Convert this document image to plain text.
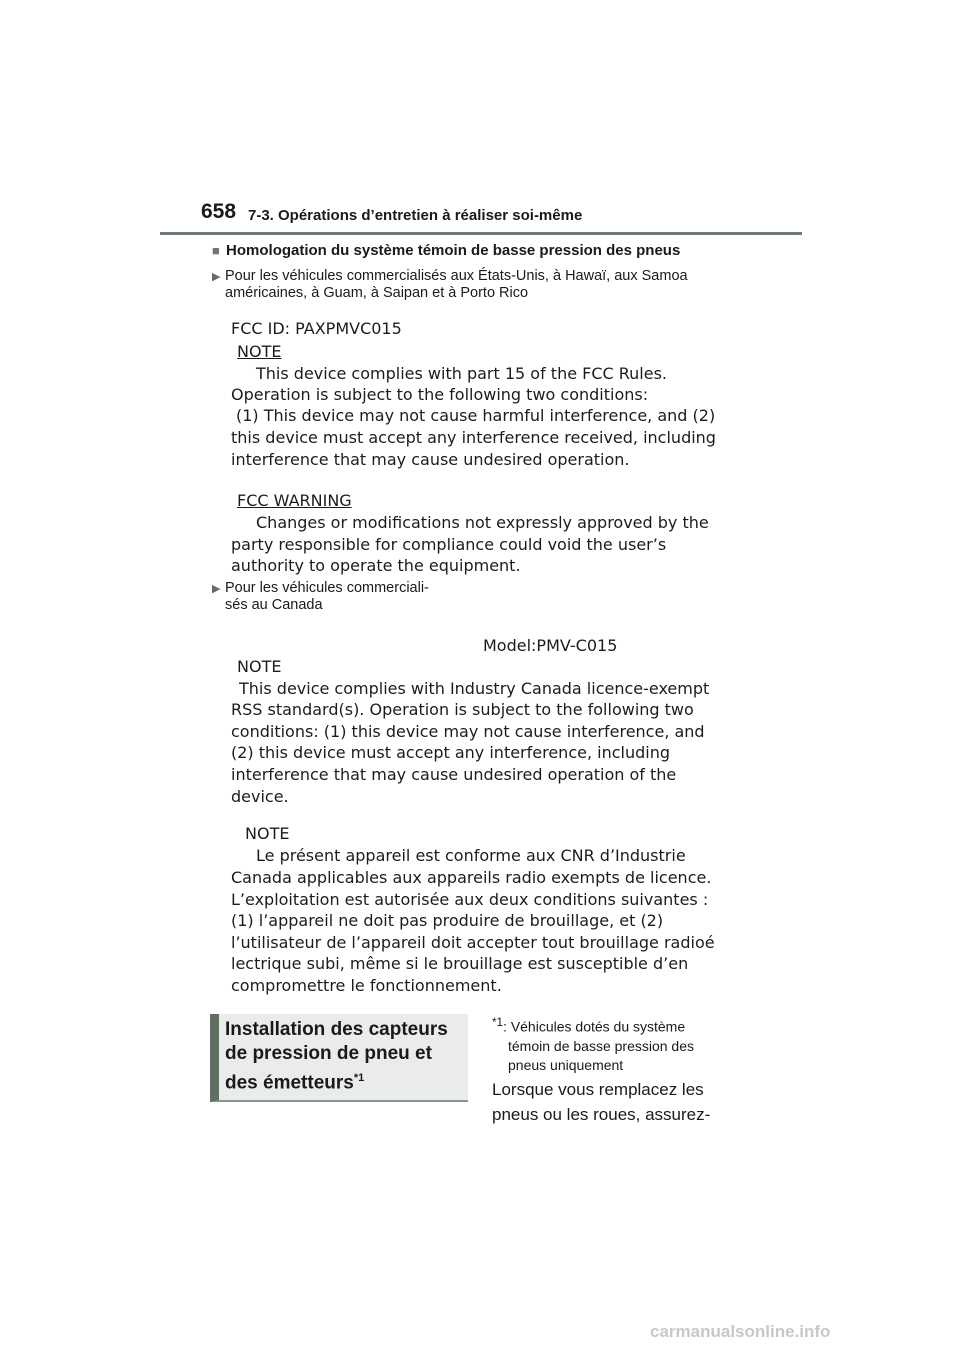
658 7-3. Opérations d’entretien à réaliser soi-même
■ Homologation du système témoin de basse pression des pneus
▶ Pour les véhicules commercialisés aux États-Unis, à Hawaï, aux Samoa
américaines, à Guam, à Saipan et à Porto Rico
FCC ID: PAXPMVC015
NOTE
This device complies with part 15 of the FCC Rules.
Operation is subject to the following two conditions:
(1) This device may not cause harmful interference, and (2)
this device must accept any interference received, including
interference that may cause undesired operation.
FCC WARNING
Changes or modifications not expressly approved by the
party responsible for compliance could void the user’s
authority to operate the equipment.
▶ Pour les véhicules commerciali-
sés au Canada
Model:PMV-C015
NOTE
This device complies with Industry Canada licence-exempt
RSS standard(s). Operation is subject to the following two
conditions: (1) this device may not cause interference, and
(2) this device must accept any interference, including
interference that may cause undesired operation of the
device.
NOTE
Le présent appareil est conforme aux CNR d’Industrie
Canada applicables aux appareils radio exempts de licence.
L’exploitation est autorisée aux deux conditions suivantes :
(1) l’appareil ne doit pas produire de brouillage, et (2)
l’utilisateur de l’appareil doit accepter tout brouillage radioé
lectrique subi, même si le brouillage est susceptible d’en
compromettre le fonctionnement.
Installation des capteurs
de pression de pneu et
des émetteurs$^{*1}$
$^{*1}$: Véhicules dotés du système
témoin de basse pression des
pneus uniquement
Lorsque vous remplacez les
pneus ou les roues, assurez-
carmanualsonline.info
